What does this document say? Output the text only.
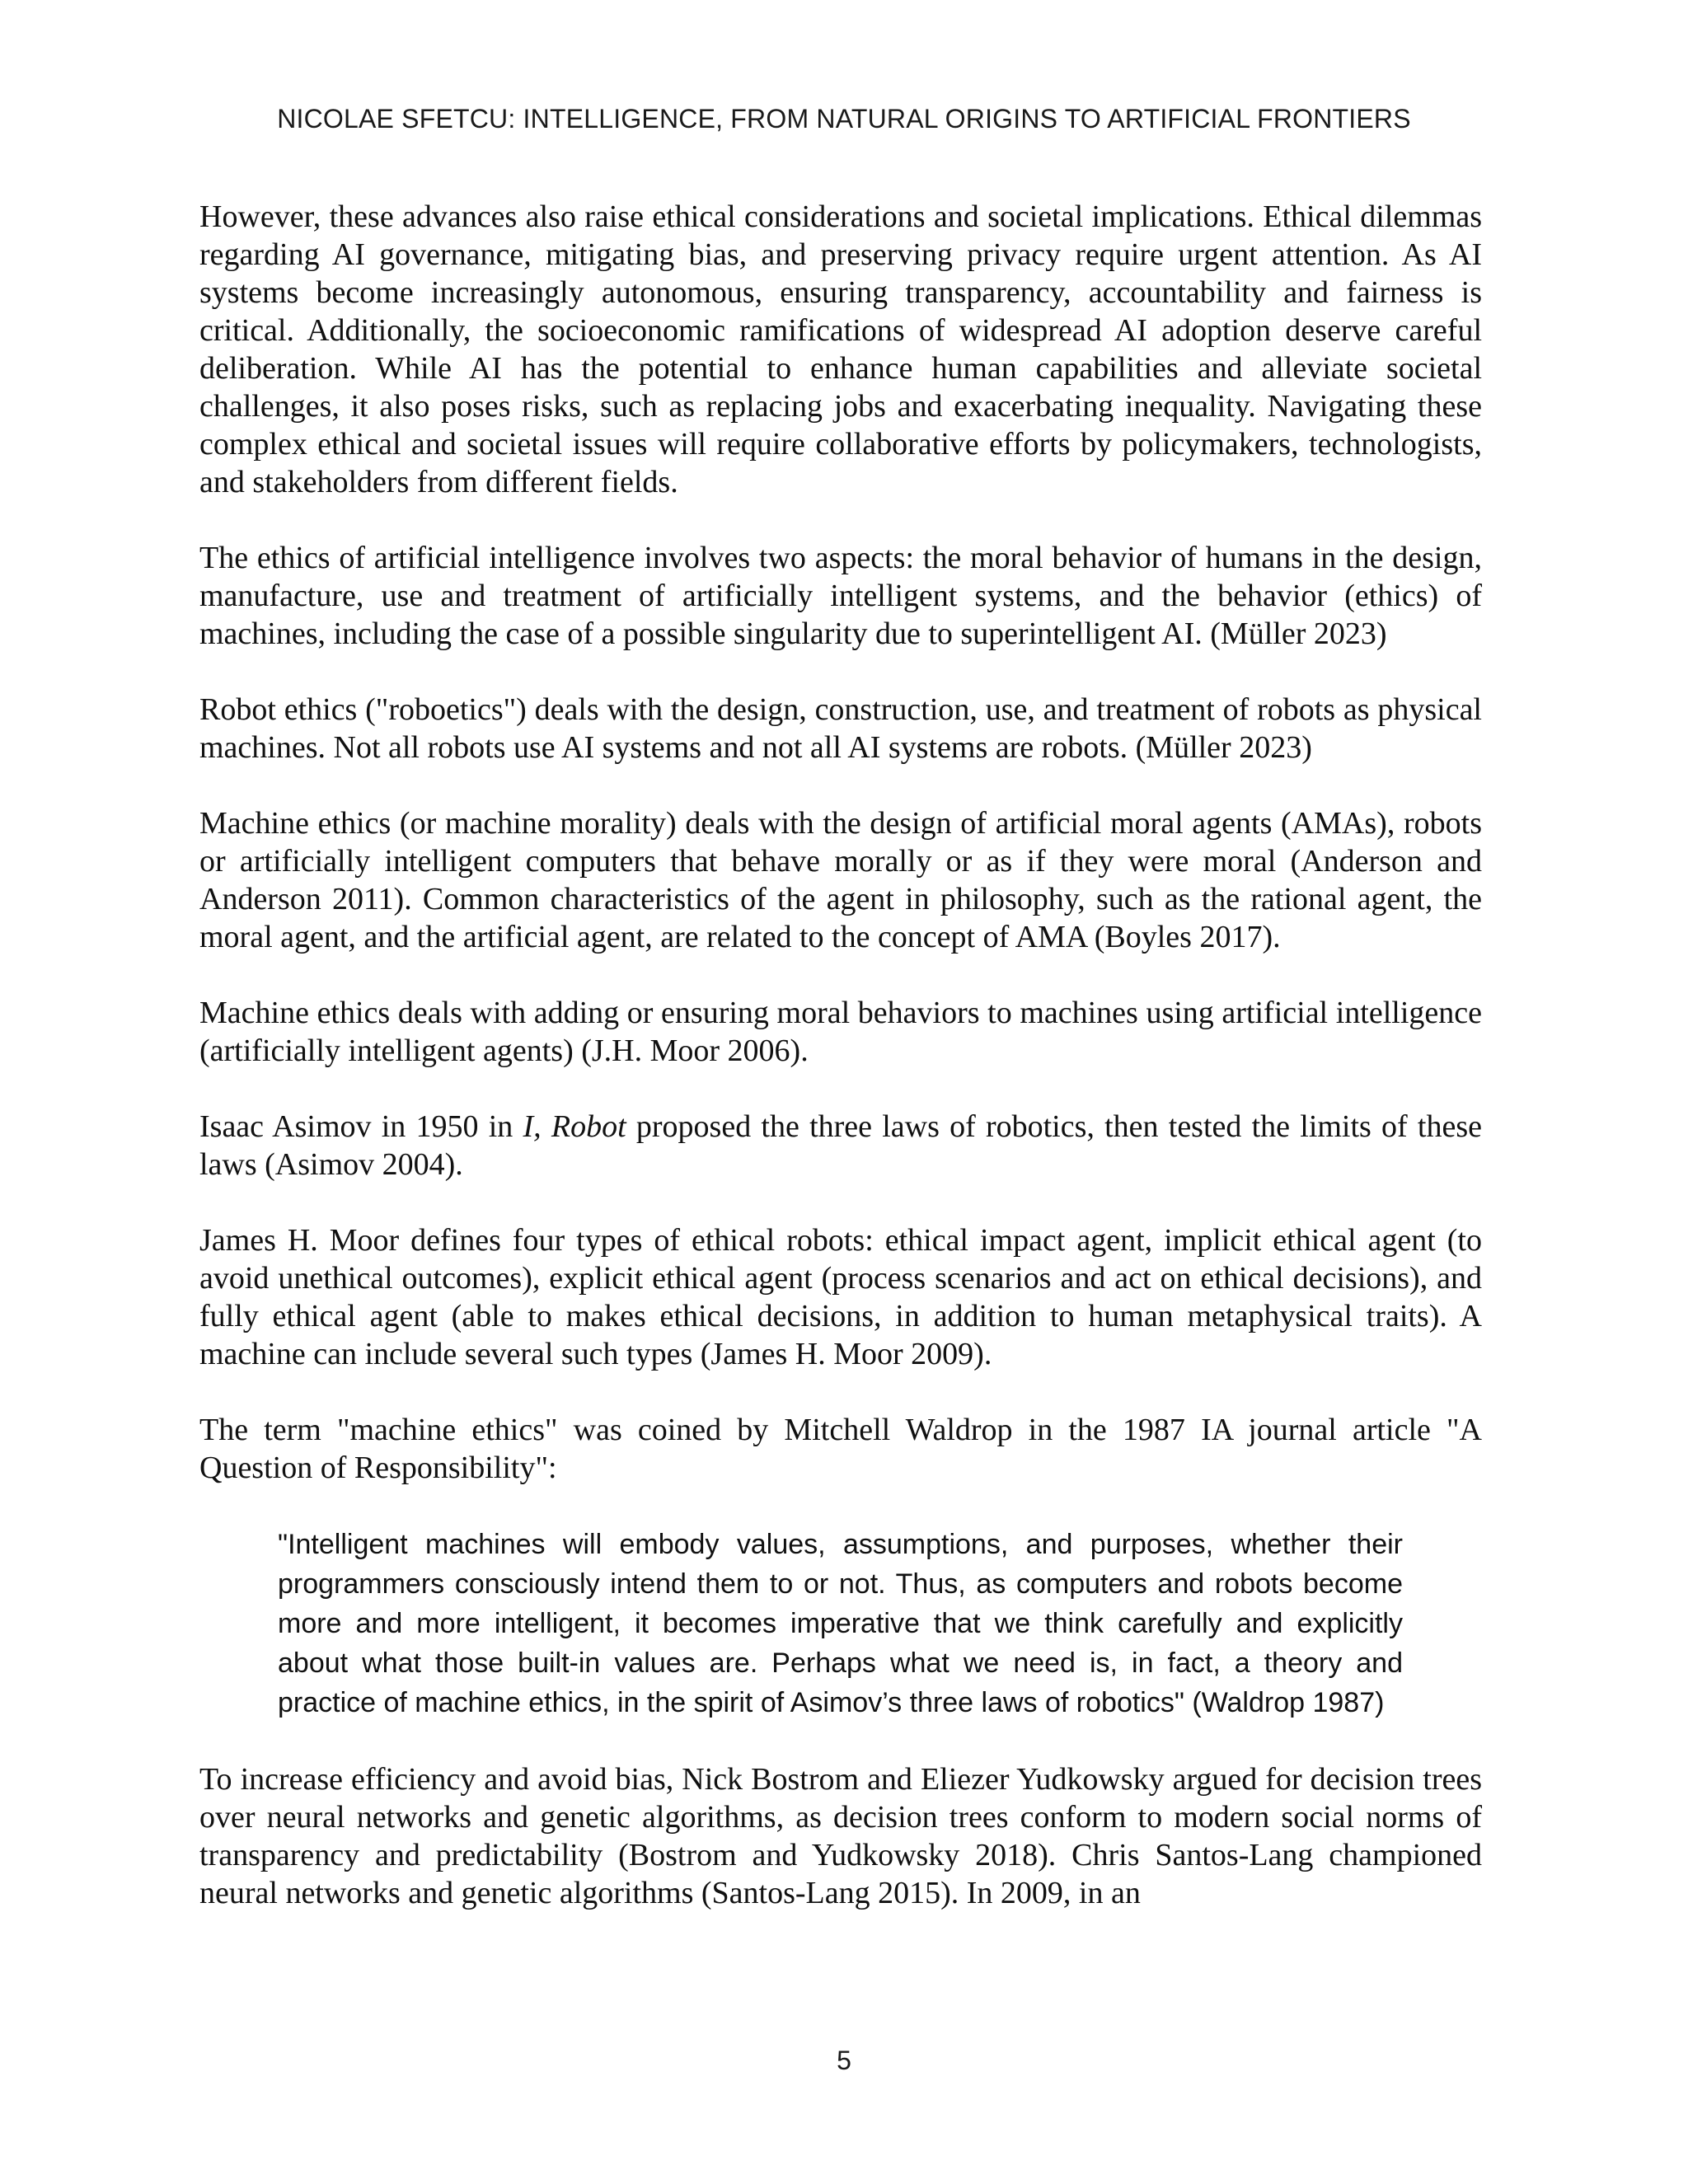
NICOLAE SFETCU: INTELLIGENCE, FROM NATURAL ORIGINS TO ARTIFICIAL FRONTIERS

However, these advances also raise ethical considerations and societal implications. Ethical dilemmas regarding AI governance, mitigating bias, and preserving privacy require urgent attention. As AI systems become increasingly autonomous, ensuring transparency, accountability and fairness is critical. Additionally, the socioeconomic ramifications of widespread AI adoption deserve careful deliberation. While AI has the potential to enhance human capabilities and alleviate societal challenges, it also poses risks, such as replacing jobs and exacerbating inequality. Navigating these complex ethical and societal issues will require collaborative efforts by policymakers, technologists, and stakeholders from different fields.

The ethics of artificial intelligence involves two aspects: the moral behavior of humans in the design, manufacture, use and treatment of artificially intelligent systems, and the behavior (ethics) of machines, including the case of a possible singularity due to superintelligent AI. (Müller 2023)

Robot ethics ("roboetics") deals with the design, construction, use, and treatment of robots as physical machines. Not all robots use AI systems and not all AI systems are robots. (Müller 2023)

Machine ethics (or machine morality) deals with the design of artificial moral agents (AMAs), robots or artificially intelligent computers that behave morally or as if they were moral (Anderson and Anderson 2011). Common characteristics of the agent in philosophy, such as the rational agent, the moral agent, and the artificial agent, are related to the concept of AMA (Boyles 2017).

Machine ethics deals with adding or ensuring moral behaviors to machines using artificial intelligence (artificially intelligent agents) (J.H. Moor 2006).

Isaac Asimov in 1950 in I, Robot proposed the three laws of robotics, then tested the limits of these laws (Asimov 2004).

James H. Moor defines four types of ethical robots: ethical impact agent, implicit ethical agent (to avoid unethical outcomes), explicit ethical agent (process scenarios and act on ethical decisions), and fully ethical agent (able to makes ethical decisions, in addition to human metaphysical traits). A machine can include several such types (James H. Moor 2009).

The term "machine ethics" was coined by Mitchell Waldrop in the 1987 IA journal article "A Question of Responsibility":

"Intelligent machines will embody values, assumptions, and purposes, whether their programmers consciously intend them to or not. Thus, as computers and robots become more and more intelligent, it becomes imperative that we think carefully and explicitly about what those built-in values are. Perhaps what we need is, in fact, a theory and practice of machine ethics, in the spirit of Asimov’s three laws of robotics" (Waldrop 1987)

To increase efficiency and avoid bias, Nick Bostrom and Eliezer Yudkowsky argued for decision trees over neural networks and genetic algorithms, as decision trees conform to modern social norms of transparency and predictability (Bostrom and Yudkowsky 2018). Chris Santos-Lang championed neural networks and genetic algorithms (Santos-Lang 2015). In 2009, in an

5
